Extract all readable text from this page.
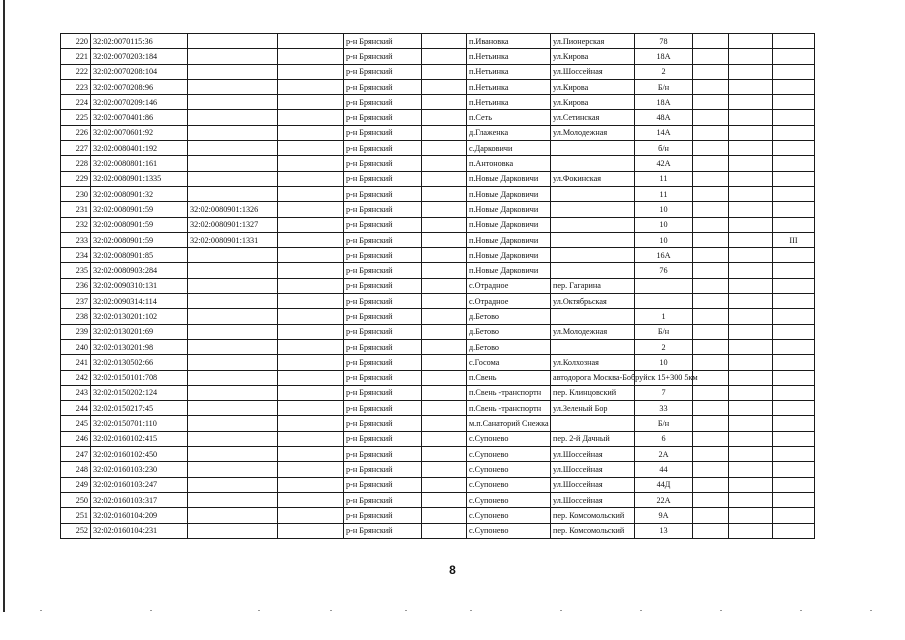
220	32:02:0070115:36			р-н Брянский		п.Ивановка	ул.Пионерская	78			
221	32:02:0070203:184			р-н Брянский		п.Нетьинка	ул.Кирова	18А			
222	32:02:0070208:104			р-н Брянский		п.Нетьинка	ул.Шоссейная	2			
223	32:02:0070208:96			р-н Брянский		п.Нетьинка	ул.Кирова	Б/н			
224	32:02:0070209:146			р-н Брянский		п.Нетьинка	ул.Кирова	18А			
225	32:02:0070401:86			р-н Брянский		п.Сеть	ул.Сетинская	48А			
226	32:02:0070601:92			р-н Брянский		д.Глаженка	ул.Молодежная	14А			
227	32:02:0080401:192			р-н Брянский		с.Дарковичи		б/н			
228	32:02:0080801:161			р-н Брянский		п.Антоновка		42А			
229	32:02:0080901:1335			р-н Брянский		п.Новые Дарковичи	ул.Фокинская	11			
230	32:02:0080901:32			р-н Брянский		п.Новые Дарковичи		11			
231	32:02:0080901:59	32:02:0080901:1326		р-н Брянский		п.Новые Дарковичи		10			
232	32:02:0080901:59	32:02:0080901:1327		р-н Брянский		п.Новые Дарковичи		10			
233	32:02:0080901:59	32:02:0080901:1331		р-н Брянский		п.Новые Дарковичи		10			III
234	32:02:0080901:85			р-н Брянский		п.Новые Дарковичи		16А			
235	32:02:0080903:284			р-н Брянский		п.Новые Дарковичи		76			
236	32:02:0090310:131			р-н Брянский		с.Отрадное	пер. Гагарина				
237	32:02:0090314:114			р-н Брянский		с.Отрадное	ул.Октябрьская				
238	32:02:0130201:102			р-н Брянский		д.Бетово		1			
239	32:02:0130201:69			р-н Брянский		д.Бетово	ул.Молодежная	Б/н			
240	32:02:0130201:98			р-н Брянский		д.Бетово		2			
241	32:02:0130502:66			р-н Брянский		с.Госома	ул.Колхозная	10			
242	32:02:0150101:708			р-н Брянский		п.Свень	автодорога Москва-Бобруйск 15+300 5км				
243	32:02:0150202:124			р-н Брянский		п.Свень -транспортн	пер. Клинцовский	7			
244	32:02:0150217:45			р-н Брянский		п.Свень -транспортн	ул.Зеленый Бор	33			
245	32:02:0150701:110			р-н Брянский		м.п.Санаторий Снежка		Б/н			
246	32:02:0160102:415			р-н Брянский		с.Супонево	пер. 2-й Дачный	6			
247	32:02:0160102:450			р-н Брянский		с.Супонево	ул.Шоссейная	2А			
248	32:02:0160103:230			р-н Брянский		с.Супонево	ул.Шоссейная	44			
249	32:02:0160103:247			р-н Брянский		с.Супонево	ул.Шоссейная	44Д			
250	32:02:0160103:317			р-н Брянский		с.Супонево	ул.Шоссейная	22А			
251	32:02:0160104:209			р-н Брянский		с.Супонево	пер. Комсомольский	9А			
252	32:02:0160104:231			р-н Брянский		с.Супонево	пер. Комсомольский	13			
8
